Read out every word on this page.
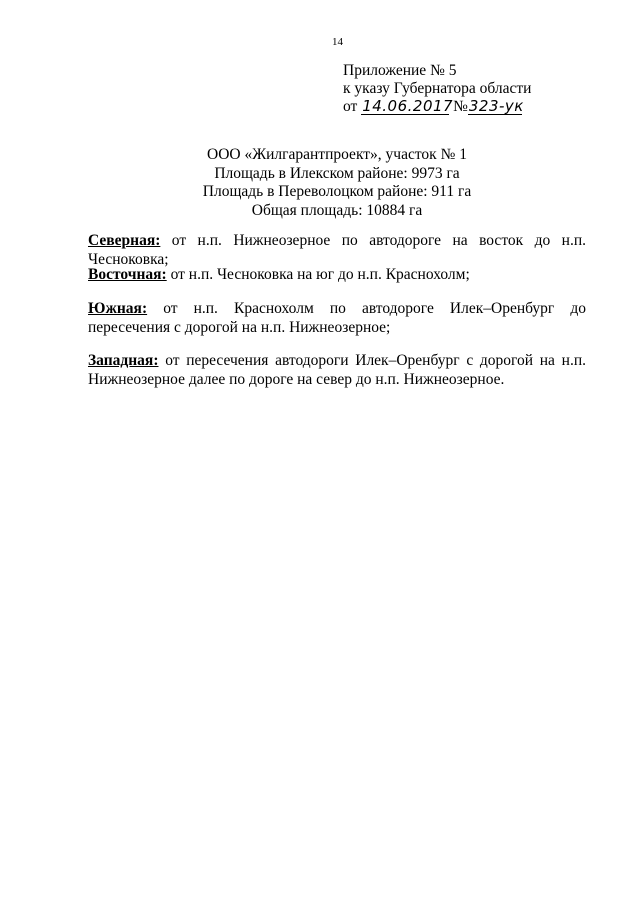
14
Приложение № 5
к указу Губернатора области
от 14.06.2017 №323-ук
ООО «Жилгарантпроект», участок № 1
Площадь в Илекском районе: 9973 га
Площадь в Переволоцком районе: 911 га
Общая площадь: 10884 га
Северная: от н.п. Нижнеозерное по автодороге на восток до н.п. Чесноковка;
Восточная: от н.п. Чесноковка на юг до н.п. Краснохолм;
Южная: от н.п. Краснохолм по автодороге Илек–Оренбург до пересечения с дорогой на н.п. Нижнеозерное;
Западная: от пересечения автодороги Илек–Оренбург с дорогой на н.п. Нижнеозерное далее по дороге на север до н.п. Нижнеозерное.
